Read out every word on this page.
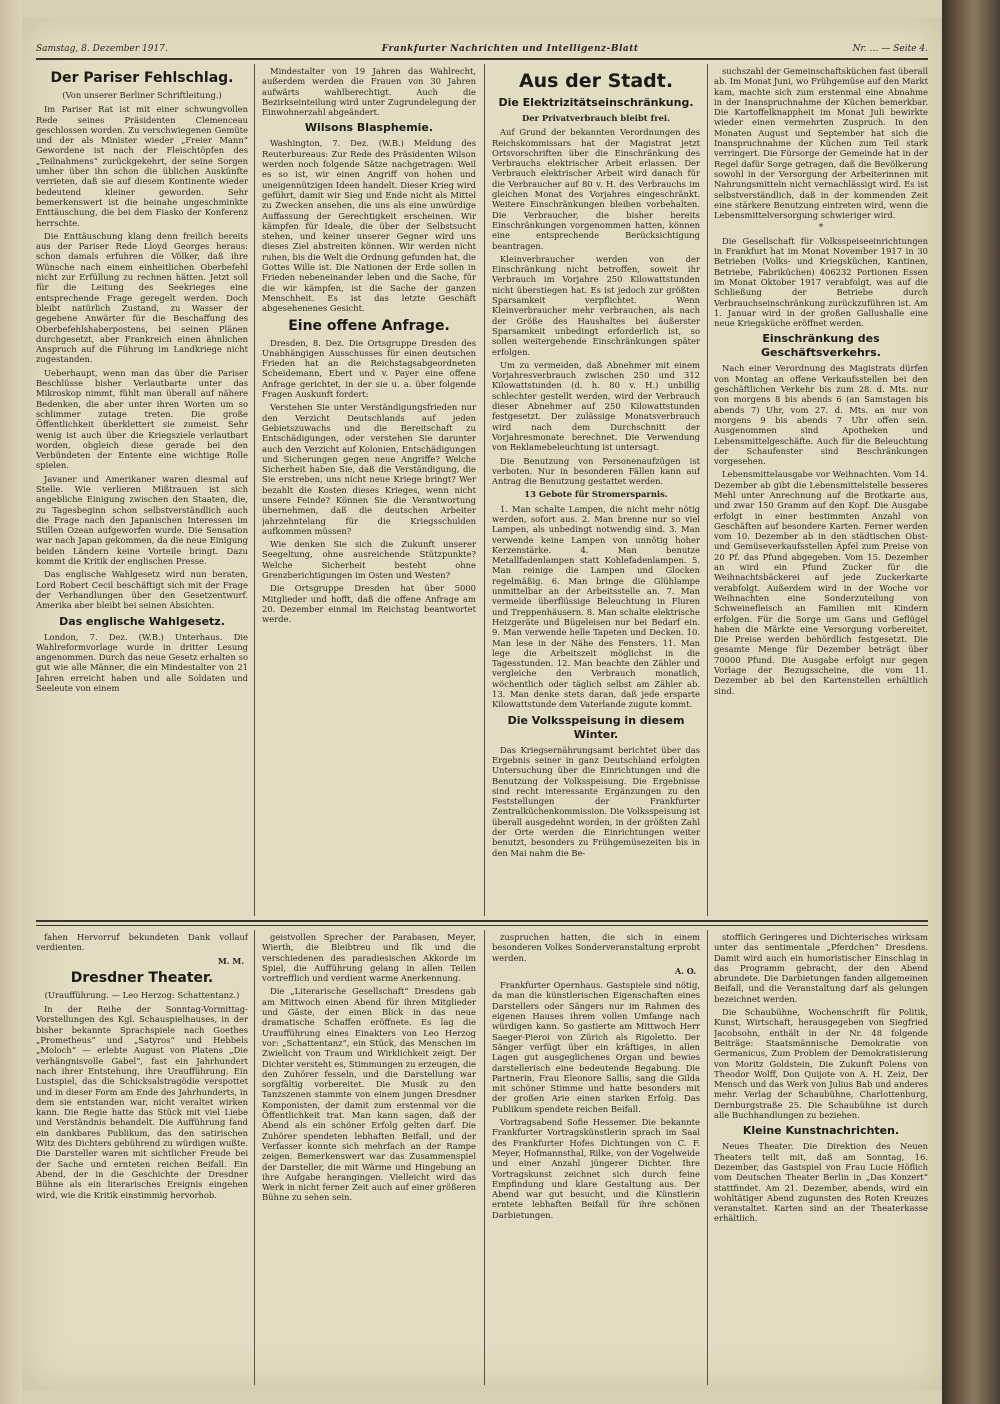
Samstag, 8. Dezember 1917.	Frankfurter Nachrichten und Intelligenz-Blatt	Nr. … — Seite 4.
Der Pariser Fehlschlag.
(Von unserer Berliner Schriftleitung.)

Im Pariser Rat ist mit einer schwungvollen Rede seines Präsidenten Clemenceau geschlossen worden. Zu verschwiegenen Gemüte und der als Minister wieder „Freier Mann“ Gewordene ist nach der Fleischtöpfen des „Teilnahmens“ zurückgekehrt, der seine Sorgen umher über ihn schon die üblichen Auskünfte verrieten, daß sie auf diesem Kontinente wieder bedeutend kleiner geworden. Sehr bemerkenswert ist die beinahe ungeschminkte Enttäuschung, die bei dem Fiasko der Konferenz herrschte.

Die Enttäuschung klang denn freilich bereits aus der Pariser Rede Lloyd Georges heraus: schon damals erfuhren die Völker, daß ihre Wünsche nach einem einheitlichen Oberbefehl nicht zur Erfüllung zu rechnen hätten. Jetzt soll für die Leitung des Seekrieges eine entsprechende Frage geregelt werden. Doch bleibt natürlich Zustand, zu Wasser der gegebene Anwärter für die Beschaffung des Oberbefehlshaberpostens, bei seinen Plänen durchgesetzt, aber Frankreich einen ähnlichen Anspruch auf die Führung im Landkriege nicht zugestanden.

Ueberhaupt, wenn man das über die Pariser Beschlüsse bisher Verlautbarte unter das Mikroskop nimmt, fühlt man überall auf nähere Bedenken, die aber unter ihren Worten um so schlimmer zutage treten. Die große Öffentlichkeit überklettert sie zumeist. Sehr wenig ist auch über die Kriegsziele verlautbart worden, obgleich diese gerade bei den Verbündeten der Entente eine wichtige Rolle spielen.

Javaner und Amerikaner waren diesmal auf Stelle. Wie verlieren Mißtrauen ist sich angebliche Einigung zwischen den Staaten, die, zu Tagesbeginn schon selbstverständlich auch die Frage nach den Japanischen Interessen im Stillen Ozean aufgeworfen wurde. Die Sensation war nach Japan gekommen, da die neue Einigung beiden Ländern keine Vorteile bringt. Dazu kommt die Kritik der englischen Presse.

Das englische Wahlgesetz wird nun beraten, Lord Robert Cecil beschäftigt sich mit der Frage der Verhandlungen über den Gesetzentwurf. Amerika aber bleibt bei seinen Absichten.

Das englische Wahlgesetz.

London, 7. Dez. (W.B.) Unterhaus. Die Wahlreformvorlage wurde in dritter Lesung angenommen. Durch das neue Gesetz erhalten so gut wie alle Männer, die ein Mindestalter von 21 Jahren erreicht haben und alle Soldaten und Seeleute von einem

Mindestalter von 19 Jahren das Wahlrecht, außerdem werden die Frauen von 30 Jahren aufwärts wahlberechtigt. Auch die Bezirkseinteilung wird unter Zugrundelegung der Einwohnerzahl abgeändert.

Wilsons Blasphemie.

Washington, 7. Dez. (W.B.) Meldung des Reuterbureaus: Zur Rede des Präsidenten Wilson werden noch folgende Sätze nachgetragen: Weil es so ist, wir einen Angriff von hohen und uneigennützigen Ideen handelt. Dieser Krieg wird geführt, damit wir Sieg und Ende nicht als Mittel zu Zwecken ansehen, die uns als eine unwürdige Auffassung der Gerechtigkeit erscheinen. Wir kämpfen für Ideale, die über der Selbstsucht stehen, und keiner unserer Gegner wird uns dieses Ziel abstreiten können. Wir werden nicht ruhen, bis die Welt die Ordnung gefunden hat, die Gottes Wille ist. Die Nationen der Erde sollen in Frieden nebeneinander leben und die Sache, für die wir kämpfen, ist die Sache der ganzen Menschheit. Es ist das letzte Geschäft abgesehenenes Gesicht.

Eine offene Anfrage.

Dresden, 8. Dez. Die Ortsgruppe Dresden des Unabhängigen Ausschusses für einen deutschen Frieden hat an die Reichstagsabgeordneten Scheidemann, Ebert und v. Payer eine offene Anfrage gerichtet, in der sie u. a. über folgende Fragen Auskunft fordert:

Verstehen Sie unter Verständigungsfrieden nur den Verzicht Deutschlands auf jeden Gebietszuwachs und die Bereitschaft zu Entschädigungen, oder verstehen Sie darunter auch den Verzicht auf Kolonien, Entschädigungen und Sicherungen gegen neue Angriffe? Welche Sicherheit haben Sie, daß die Verständigung, die Sie erstreben, uns nicht neue Kriege bringt? Wer bezahlt die Kosten dieses Krieges, wenn nicht unsere Feinde? Können Sie die Verantwortung übernehmen, daß die deutschen Arbeiter jahrzehntelang für die Kriegsschulden aufkommen müssen?

Wie denken Sie sich die Zukunft unserer Seegeltung, ohne ausreichende Stützpunkte? Welche Sicherheit besteht ohne Grenzberichtigungen im Osten und Westen?

Die Ortsgruppe Dresden hat über 5000 Mitglieder und hofft, daß die offene Anfrage am 20. Dezember einmal im Reichstag beantwortet werde.

Aus der Stadt.
Die Elektrizitätseinschränkung.
Der Privatverbrauch bleibt frei.

Auf Grund der bekannten Verordnungen des Reichskommissars hat der Magistrat jetzt Ortsvorschriften über die Einschränkung des Verbrauchs elektrischer Arbeit erlassen. Der Verbrauch elektrischer Arbeit wird danach für die Verbraucher auf 80 v. H. des Verbrauchs im gleichen Monat des Vorjahres eingeschränkt. Weitere Einschränkungen bleiben vorbehalten. Die Verbraucher, die bisher bereits Einschränkungen vorgenommen hatten, können eine entsprechende Berücksichtigung beantragen.

Kleinverbraucher werden von der Einschränkung nicht betroffen, soweit ihr Verbrauch im Vorjahre 250 Kilowattstunden nicht überstiegen hat. Es ist jedoch zur größten Sparsamkeit verpflichtet. Wenn Kleinverbraucher mehr verbrauchen, als nach der Größe des Haushaltes bei äußerster Sparsamkeit unbedingt erforderlich ist, so sollen weitergehende Einschränkungen später erfolgen.

Um zu vermeiden, daß Abnehmer mit einem Vorjahresverbrauch zwischen 250 und 312 Kilowattstunden (d. h. 80 v. H.) unbillig schlechter gestellt werden, wird der Verbrauch dieser Abnehmer auf 250 Kilowattstunden festgesetzt. Der zulässige Monatsverbrauch wird nach dem Durchschnitt der Vorjahresmonate berechnet. Die Verwendung von Reklamebeleuchtung ist untersagt.

Die Benutzung von Personenaufzügen ist verboten. Nur in besonderen Fällen kann auf Antrag die Benutzung gestattet werden.

13 Gebote für Stromersparnis.

1. Man schalte Lampen, die nicht mehr nötig werden, sofort aus. 2. Man brenne nur so viel Lampen, als unbedingt notwendig sind. 3. Man verwende keine Lampen von unnötig hoher Kerzenstärke. 4. Man benutze Metallfadenlampen statt Kohlefadenlampen. 5. Man reinige die Lampen und Glocken regelmäßig. 6. Man bringe die Glühlampe unmittelbar an der Arbeitsstelle an. 7. Man vermeide überflüssige Beleuchtung in Fluren und Treppenhäusern. 8. Man schalte elektrische Heizgeräte und Bügeleisen nur bei Bedarf ein. 9. Man verwende helle Tapeten und Decken. 10. Man lese in der Nähe des Fensters. 11. Man lege die Arbeitszeit möglichst in die Tagesstunden. 12. Man beachte den Zähler und vergleiche den Verbrauch monatlich, wöchentlich oder täglich selbst am Zähler ab. 13. Man denke stets daran, daß jede ersparte Kilowattstunde dem Vaterlande zugute kommt.

Die Volksspeisung in diesem Winter.

Das Kriegsernährungsamt berichtet über das Ergebnis seiner in ganz Deutschland erfolgten Untersuchung über die Einrichtungen und die Benutzung der Volksspeisung. Die Ergebnisse sind recht interessante Ergänzungen zu den Feststellungen der Frankfurter Zentralküchenkommission. Die Volksspeisung ist überall ausgedehnt worden, in der größten Zahl der Orte werden die Einrichtungen weiter benutzt, besonders zu Frühgemüsezeiten bis in den Mai nahm die Be-

suchszahl der Gemeinschaftsküchen fast überall ab. Im Monat Juni, wo Frühgemüse auf den Markt kam, machte sich zum erstenmal eine Abnahme in der Inanspruchnahme der Küchen bemerkbar. Die Kartoffelknappheit im Monat Juli bewirkte wieder einen vermehrten Zuspruch. In den Monaten August und September hat sich die Inanspruchnahme der Küchen zum Teil stark verringert. Die Fürsorge der Gemeinde hat in der Regel dafür Sorge getragen, daß die Bevölkerung sowohl in der Versorgung der Arbeiterinnen mit Nahrungsmitteln nicht vernachlässigt wird. Es ist selbstverständlich, daß in der kommenden Zeit eine stärkere Benutzung eintreten wird, wenn die Lebensmittelversorgung schwieriger wird.

*

Die Gesellschaft für Volksspeiseeinrichtungen in Frankfurt hat im Monat November 1917 in 30 Betrieben (Volks- und Kriegsküchen, Kantinen, Betriebe, Fabriküchen) 406232 Portionen Essen im Monat Oktober 1917 verabfolgt, was auf die Schließung der Betriebe durch Verbrauchseinschränkung zurückzuführen ist. Am 1. Januar wird in der großen Gallushalle eine neue Kriegsküche eröffnet werden.

Einschränkung des Geschäftsverkehrs.

Nach einer Verordnung des Magistrats dürfen von Montag an offene Verkaufsstellen bei den geschäftlichen Verkehr bis zum 28. d. Mts. nur von morgens 8 bis abends 6 (an Samstagen bis abends 7) Uhr, vom 27. d. Mts. an nur von morgens 9 bis abends 7 Uhr offen sein. Ausgenommen sind Apotheken und Lebensmittelgeschäfte. Auch für die Beleuchtung der Schaufenster sind Beschränkungen vorgesehen.

Lebensmittelausgabe vor Weihnachten. Vom 14. Dezember ab gibt die Lebensmittelstelle besseres Mehl unter Anrechnung auf die Brotkarte aus, und zwar 150 Gramm auf den Kopf. Die Ausgabe erfolgt in einer bestimmten Anzahl von Geschäften auf besondere Karten. Ferner werden vom 10. Dezember ab in den städtischen Obst- und Gemüseverkaufsstellen Äpfel zum Preise von 20 Pf. das Pfund abgegeben. Vom 15. Dezember an wird ein Pfund Zucker für die Weihnachtsbäckerei auf jede Zuckerkarte verabfolgt. Außerdem wird in der Woche vor Weihnachten eine Sonderzuteilung von Schweinefleisch an Familien mit Kindern erfolgen. Für die Sorge um Gans und Geflügel haben die Märkte eine Versorgung vorbereitet. Die Preise werden behördlich festgesetzt. Die gesamte Menge für Dezember beträgt über 70000 Pfund. Die Ausgabe erfolgt nur gegen Vorlage der Bezugsscheine, die vom 11. Dezember ab bei den Kartenstellen erhältlich sind.

fahen Hervorruf bekundeten Dank vollauf verdienten.

M. M.
Dresdner Theater.
(Uraufführung. — Leo Herzog: Schattentanz.)

In der Reihe der Sonntag-Vormittag-Vorstellungen des Kgl. Schauspielhauses, in der bisher bekannte Sprachspiele nach Goethes „Prometheus“ und „Satyros“ und Hebbels „Moloch“ — erlebte August von Platens „Die verhängnisvolle Gabel“, fast ein Jahrhundert nach ihrer Entstehung, ihre Uraufführung. Ein Lustspiel, das die Schicksalstragödie verspottet und in dieser Form am Ende des Jahrhunderts, in dem sie entstanden war, nicht veraltet wirken kann. Die Regie hatte das Stück mit viel Liebe und Verständnis behandelt. Die Aufführung fand ein dankbares Publikum, das den satirischen Witz des Dichters gebührend zu würdigen wußte. Die Darsteller waren mit sichtlicher Freude bei der Sache und ernteten reichen Beifall. Ein Abend, der in die Geschichte der Dresdner Bühne als ein literarisches Ereignis eingehen wird, wie die Kritik einstimmig hervorhob.

geistvollen Sprecher der Parabasen, Meyer, Wierth, die Bleibtreu und Ilk und die verschiedenen des paradiesischen Akkorde im Spiel, die Aufführung gelang in allen Teilen vortrefflich und verdient warme Anerkennung.

Die „Literarische Gesellschaft“ Dresdens gab am Mittwoch einen Abend für ihren Mitglieder und Gäste, der einen Blick in das neue dramatische Schaffen eröffnete. Es lag die Uraufführung eines Einakters von Leo Herzog vor: „Schattentanz“, ein Stück, das Menschen im Zwielicht von Traum und Wirklichkeit zeigt. Der Dichter versteht es, Stimmungen zu erzeugen, die den Zuhörer fesseln, und die Darstellung war sorgfältig vorbereitet. Die Musik zu den Tanzszenen stammte von einem jungen Dresdner Komponisten, der damit zum erstenmal vor die Öffentlichkeit trat. Man kann sagen, daß der Abend als ein schöner Erfolg gelten darf. Die Zuhörer spendeten lebhaften Beifall, und der Verfasser konnte sich mehrfach an der Rampe zeigen. Bemerkenswert war das Zusammenspiel der Darsteller, die mit Wärme und Hingebung an ihre Aufgabe herangingen. Vielleicht wird das Werk in nicht ferner Zeit auch auf einer größeren Bühne zu sehen sein.

zuspruchen hatten, die sich in einem besonderen Volkes Sonderveranstaltung erprobt werden.

A. O.

Frankfurter Opernhaus. Gastspiele sind nötig, da man die künstlerischen Eigenschaften eines Darstellers oder Sängers nur im Rahmen des eigenen Hauses ihrem vollen Umfange nach würdigen kann. So gastierte am Mittwoch Herr Saeger-Pieroi von Zürich als Rigoletto. Der Sänger verfügt über ein kräftiges, in allen Lagen gut ausgeglichenes Organ und bewies darstellerisch eine bedeutende Begabung. Die Partnerin, Frau Eleonore Sallis, sang die Gilda mit schöner Stimme und hatte besonders mit der großen Arie einen starken Erfolg. Das Publikum spendete reichen Beifall.

Vortragsabend Sofie Hessemer. Die bekannte Frankfurter Vortragskünstlerin sprach im Saal des Frankfurter Hofes Dichtungen von C. F. Meyer, Hofmannsthal, Rilke, von der Vogelweide und einer Anzahl jüngerer Dichter. Ihre Vortragskunst zeichnet sich durch feine Empfindung und klare Gestaltung aus. Der Abend war gut besucht, und die Künstlerin erntete lebhaften Beifall für ihre schönen Darbietungen.

stofflich Geringeres und Dichterisches wirksam unter das sentimentale „Pferdchen“ Dresdens. Damit wird auch ein humoristischer Einschlag in das Programm gebracht, der den Abend abrundete. Die Darbietungen fanden allgemeinen Beifall, und die Veranstaltung darf als gelungen bezeichnet werden.

Die Schaubühne, Wochenschrift für Politik, Kunst, Wirtschaft, herausgegeben von Siegfried Jacobsohn, enthält in der Nr. 48 folgende Beiträge: Staatsmännische Demokratie von Germanicus, Zum Problem der Demokratisierung von Moritz Goldstein, Die Zukunft Polens von Theodor Wolff, Don Quijote von A. H. Zeiz, Der Mensch und das Werk von Julius Bab und anderes mehr. Verlag der Schaubühne, Charlottenburg, Dernburgstraße 25. Die Schaubühne ist durch alle Buchhandlungen zu beziehen.

Kleine Kunstnachrichten.

Neues Theater. Die Direktion des Neuen Theaters teilt mit, daß am Sonntag, 16. Dezember, das Gastspiel von Frau Lucie Höflich vom Deutschen Theater Berlin in „Das Konzert“ stattfindet. Am 21. Dezember, abends, wird ein wohltätiger Abend zugunsten des Roten Kreuzes veranstaltet. Karten sind an der Theaterkasse erhältlich.
